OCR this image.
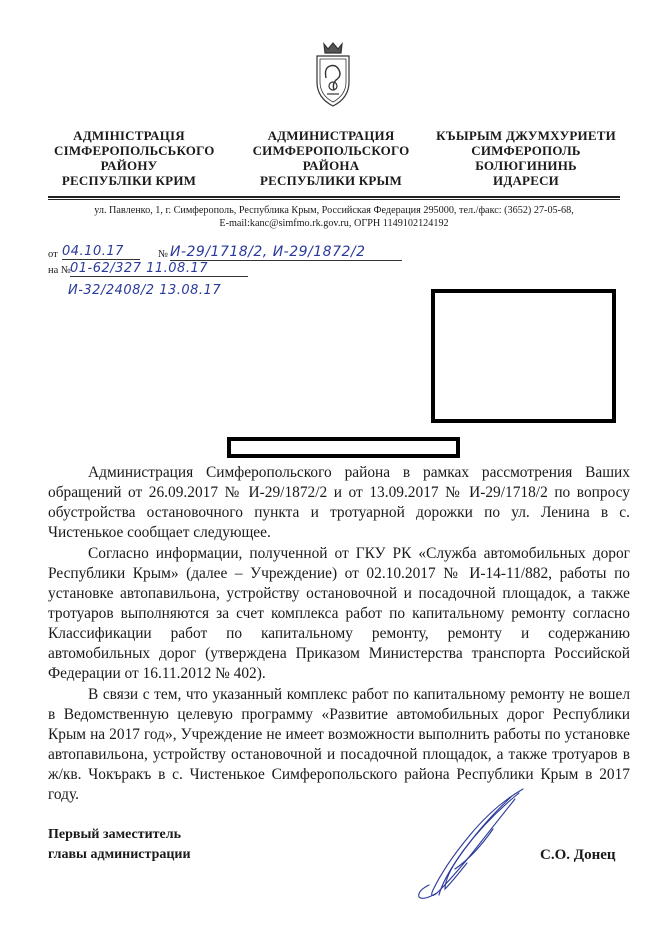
АДМІНІСТРАЦІЯ
СІМФЕРОПОЛЬСЬКОГО
РАЙОНУ
РЕСПУБЛІКИ КРИМ
АДМИНИСТРАЦИЯ
СИМФЕРОПОЛЬСКОГО
РАЙОНА
РЕСПУБЛИКИ КРЫМ
КЪЫРЫМ ДЖУМХУРИЕТИ
СИМФЕРОПОЛЬ
БОЛЮГИНИНЬ
ИДАРЕСИ
ул. Павленко, 1, г. Симферополь, Республика Крым, Российская Федерация 295000, тел./факс: (3652) 27-05-68,
E-mail:kanc@simfmo.rk.gov.ru, ОГРН 1149102124192
от 04.10.17	№ И-29/1718/2, И-29/1872/2
на № 01-62/327 11.08.17
И-32/2408/2 13.08.17

Администрация Симферопольского района в рамках рассмотрения Ваших обращений от 26.09.2017 № И-29/1872/2 и от 13.09.2017 № И-29/1718/2 по вопросу обустройства остановочного пункта и тротуарной дорожки по ул. Ленина в с. Чистенькое сообщает следующее.

Согласно информации, полученной от ГКУ РК «Служба автомобильных дорог Республики Крым» (далее – Учреждение) от 02.10.2017 № И-14-11/882, работы по установке автопавильона, устройству остановочной и посадочной площадок, а также тротуаров выполняются за счет комплекса работ по капитальному ремонту согласно Классификации работ по капитальному ремонту, ремонту и содержанию автомобильных дорог (утверждена Приказом Министерства транспорта Российской Федерации от 16.11.2012 № 402).

В связи с тем, что указанный комплекс работ по капитальному ремонту не вошел в Ведомственную целевую программу «Развитие автомобильных дорог Республики Крым на 2017 год», Учреждение не имеет возможности выполнить работы по установке автопавильона, устройству остановочной и посадочной площадок, а также тротуаров в ж/кв. Чокъракъ в с. Чистенькое Симферопольского района Республики Крым в 2017 году.

Первый заместитель
главы администрации	С.О. Донец
